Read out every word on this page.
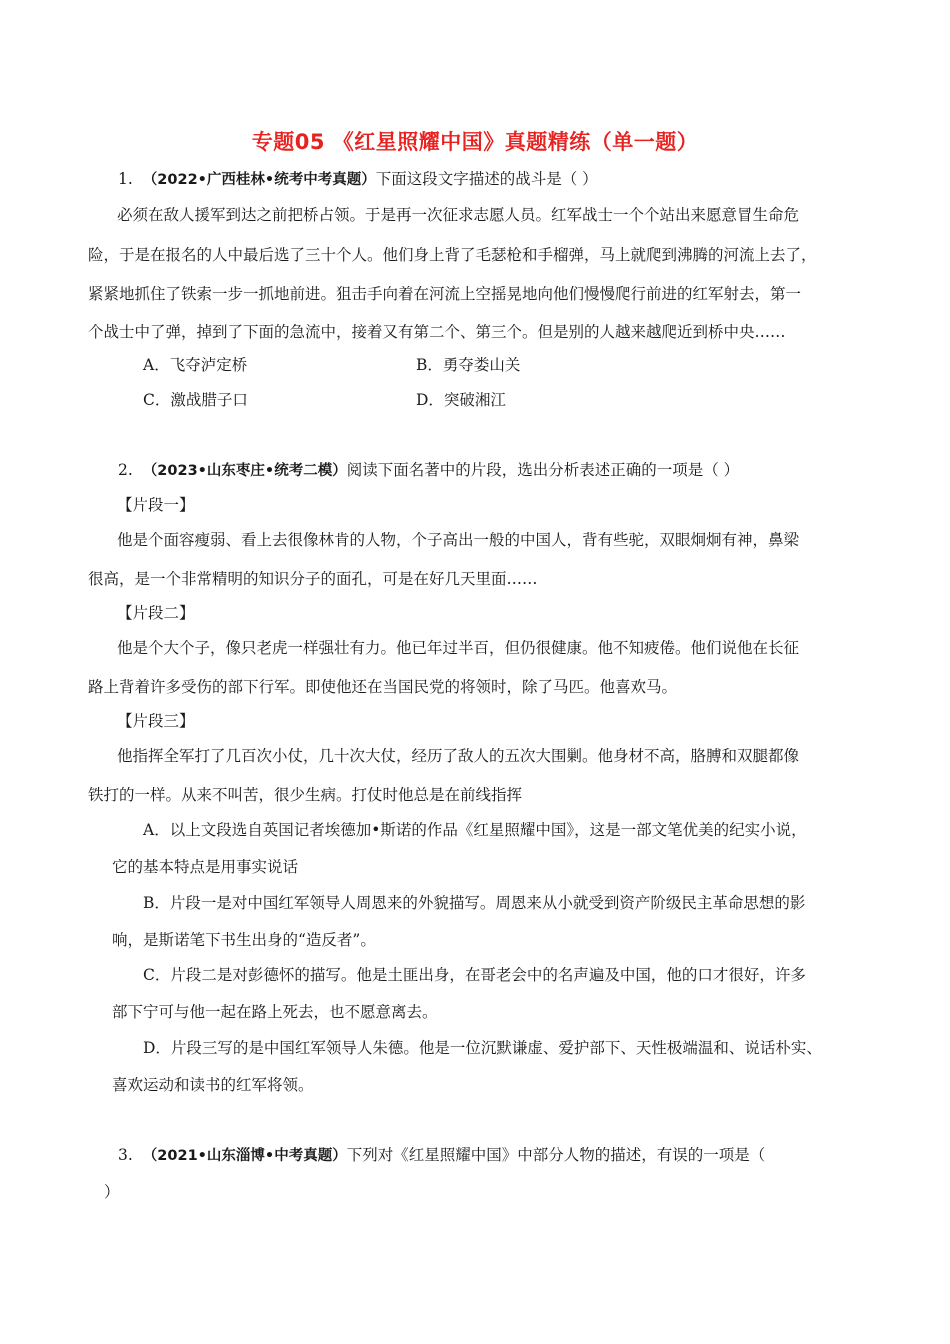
专题05 《红星照耀中国》真题精练（单一题）
1. （2022•广西桂林•统考中考真题）下面这段文字描述的战斗是（ ）
必须在敌人援军到达之前把桥占领。于是再一次征求志愿人员。红军战士一个个站出来愿意冒生命危
险，于是在报名的人中最后选了三十个人。他们身上背了毛瑟枪和手榴弹，马上就爬到沸腾的河流上去了，
紧紧地抓住了铁索一步一抓地前进。狙击手向着在河流上空摇晃地向他们慢慢爬行前进的红军射去，第一
个战士中了弹，掉到了下面的急流中，接着又有第二个、第三个。但是别的人越来越爬近到桥中央……
A．飞夺泸定桥	B．勇夺娄山关
C．激战腊子口	D．突破湘江
2. （2023•山东枣庄•统考二模）阅读下面名著中的片段，选出分析表述正确的一项是（ ）
【片段一】
他是个面容瘦弱、看上去很像林肯的人物，个子高出一般的中国人，背有些驼，双眼炯炯有神，鼻梁
很高，是一个非常精明的知识分子的面孔，可是在好几天里面……
【片段二】
他是个大个子，像只老虎一样强壮有力。他已年过半百，但仍很健康。他不知疲倦。他们说他在长征
路上背着许多受伤的部下行军。即使他还在当国民党的将领时，除了马匹。他喜欢马。
【片段三】
他指挥全军打了几百次小仗，几十次大仗，经历了敌人的五次大围剿。他身材不高，胳膊和双腿都像
铁打的一样。从来不叫苦，很少生病。打仗时他总是在前线指挥
A．以上文段选自英国记者埃德加•斯诺的作品《红星照耀中国》，这是一部文笔优美的纪实小说，
它的基本特点是用事实说话
B．片段一是对中国红军领导人周恩来的外貌描写。周恩来从小就受到资产阶级民主革命思想的影
响，是斯诺笔下书生出身的“造反者”。
C．片段二是对彭德怀的描写。他是土匪出身，在哥老会中的名声遍及中国，他的口才很好，许多
部下宁可与他一起在路上死去，也不愿意离去。
D．片段三写的是中国红军领导人朱德。他是一位沉默谦虚、爱护部下、天性极端温和、说话朴实、
喜欢运动和读书的红军将领。
3. （2021•山东淄博•中考真题）下列对《红星照耀中国》中部分人物的描述，有误的一项是（
）
